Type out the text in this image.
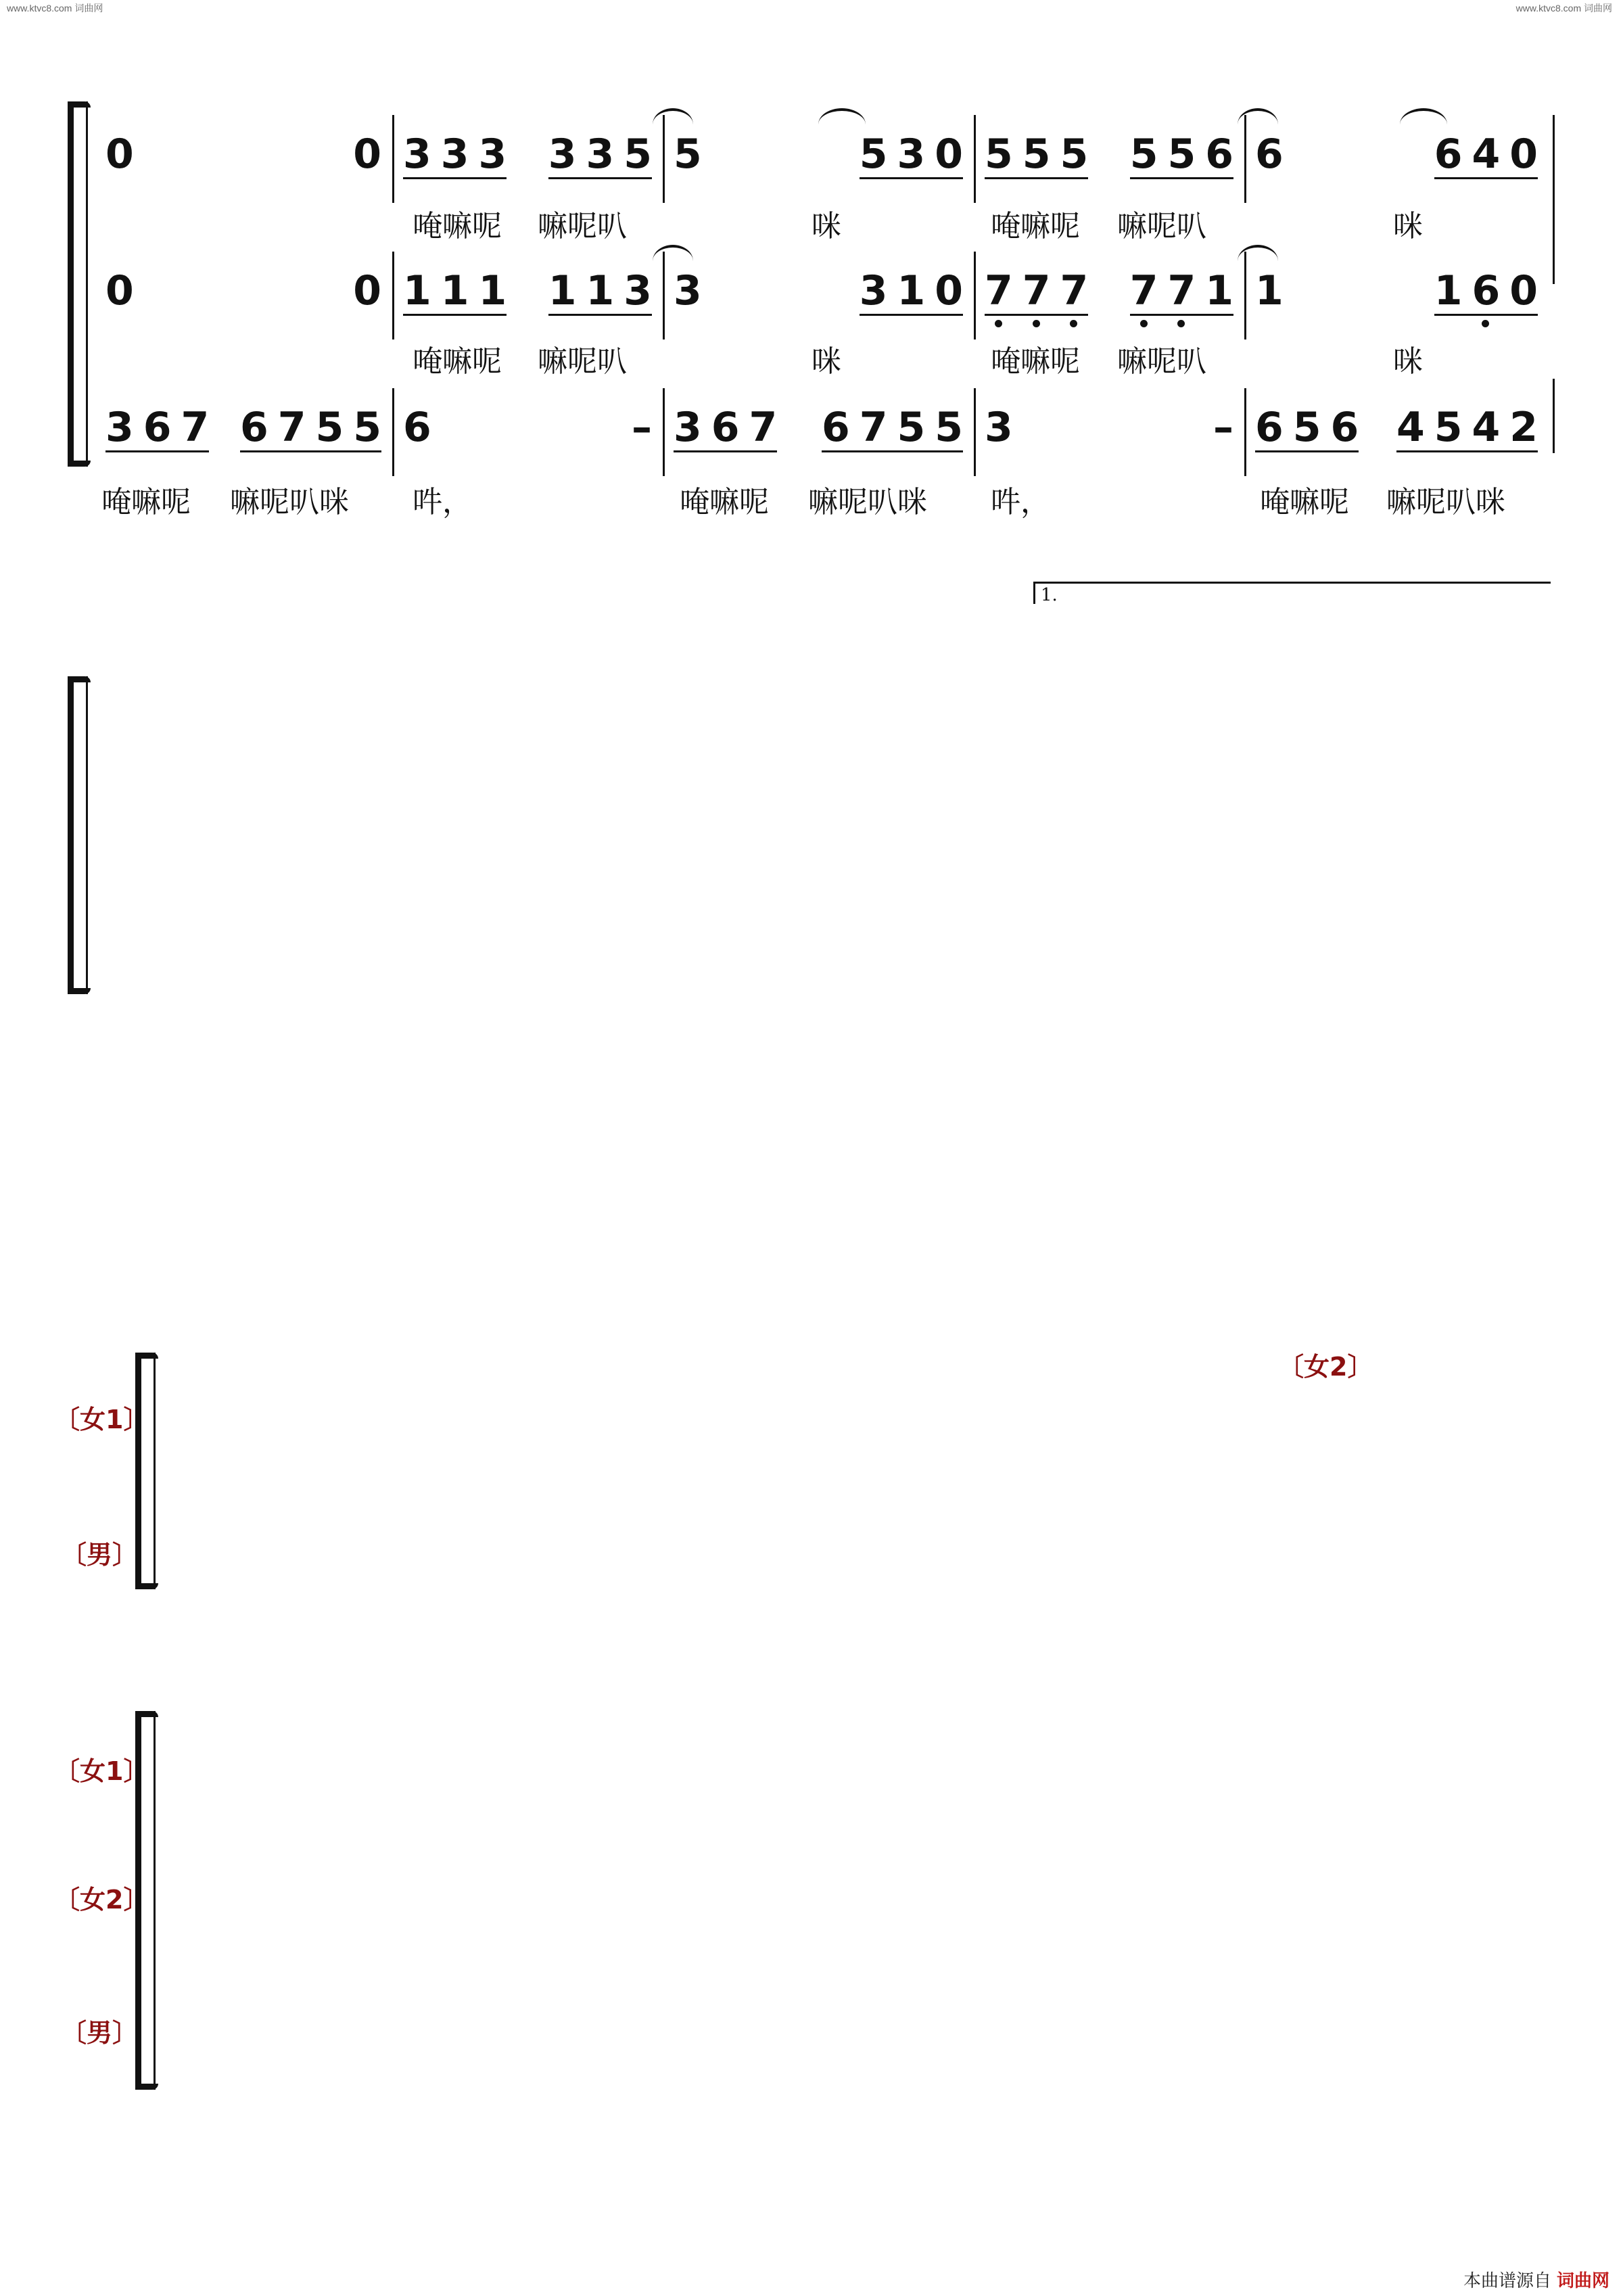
www.ktvc8.com 词曲网	www.ktvc8.com 词曲网
1.
〔女1〕
〔男〕
〔女2〕
〔女1〕
〔女2〕
〔男〕
本曲谱源自 词曲网
0	0 3 3 3 3 3 5 5	5 3 0 5 5 5 5 5 6 6	6 4 0
唵嘛呢 嘛呢叭	咪	唵嘛呢 嘛呢叭	咪
0	0 1 1 1 1 1 3 3	3 1 0 7 7 7 7 7 1 1	1 6 0
唵嘛呢 嘛呢叭	咪	唵嘛呢 嘛呢叭	咪
3 6 7 6 7 5 5 6	– 3 6 7 6 7 5 5 3	– 6 5 6 4 5 4 2
唵嘛呢 嘛呢叭咪 吽，	唵嘛呢 嘛呢叭咪 吽，	唵嘛呢 嘛呢叭咪
